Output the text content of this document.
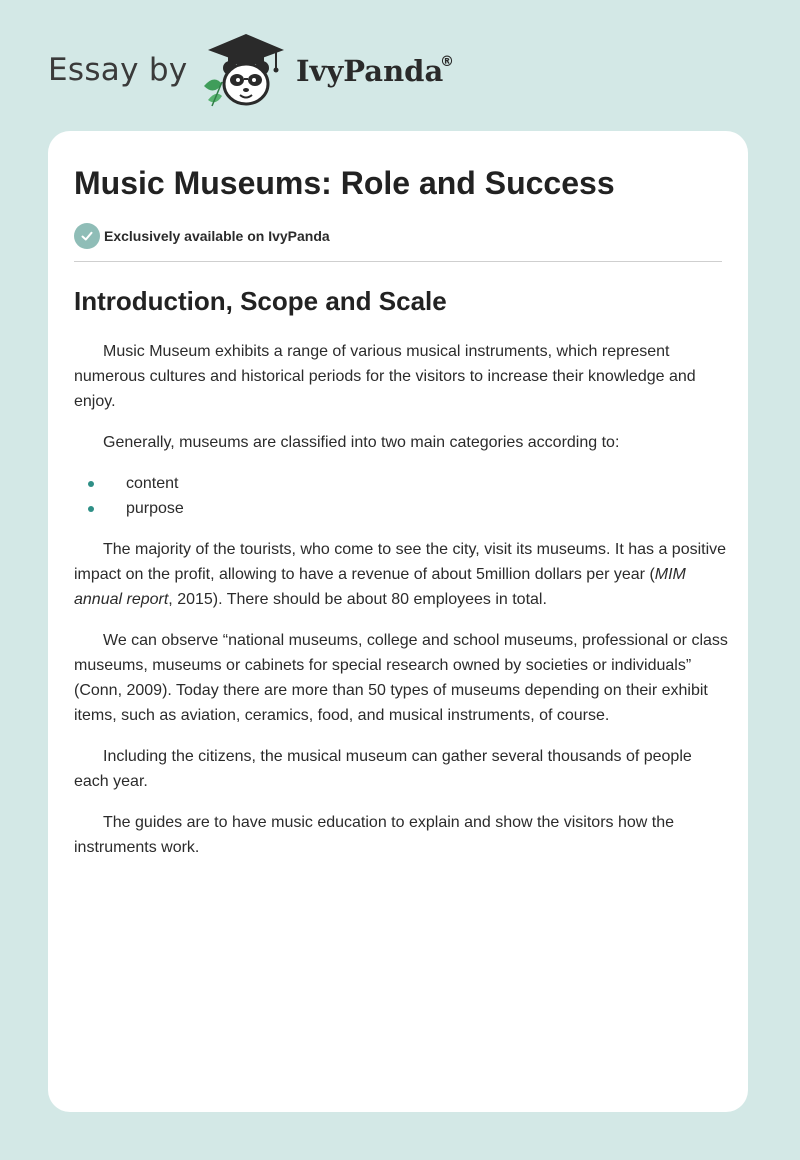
Essay by	IvyPanda
®
Music Museums: Role and Success
Exclusively available on IvyPanda
Introduction, Scope and Scale

Music Museum exhibits a range of various musical instruments, which represent numerous cultures and historical periods for the visitors to increase their knowledge and enjoy.

Generally, museums are classified into two main categories according to:

content
purpose

The majority of the tourists, who come to see the city, visit its museums. It has a positive impact on the profit, allowing to have a revenue of about 5million dollars per year (MIM annual report, 2015). There should be about 80 employees in total.

We can observe “national museums, college and school museums, professional or class museums, museums or cabinets for special research owned by societies or individuals” (Conn, 2009). Today there are more than 50 types of museums depending on their exhibit items, such as aviation, ceramics, food, and musical instruments, of course.

Including the citizens, the musical museum can gather several thousands of people each year.

The guides are to have music education to explain and show the visitors how the instruments work.
